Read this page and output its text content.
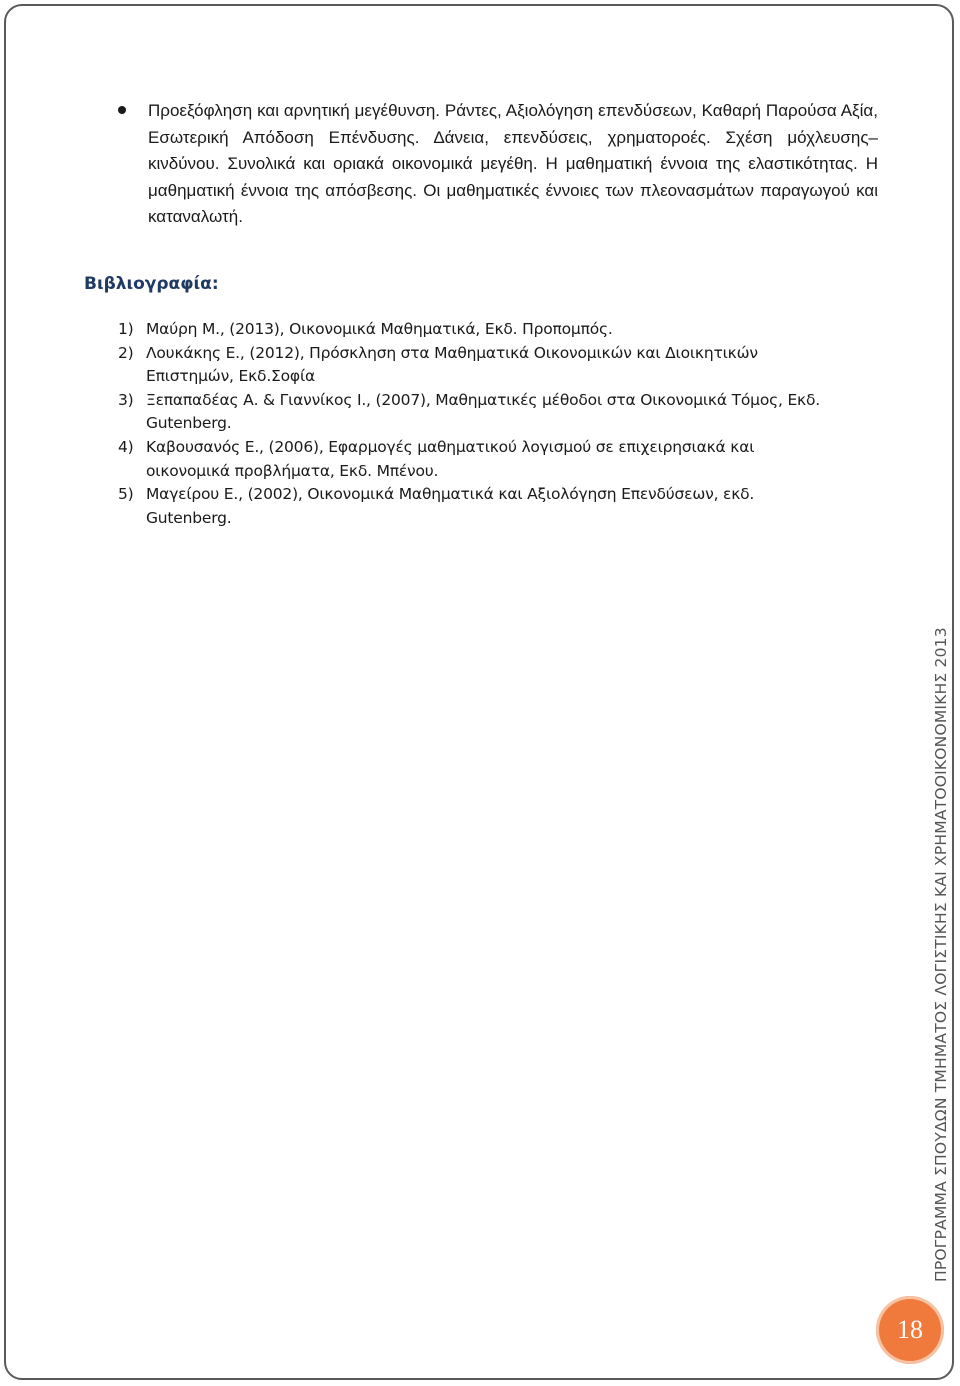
Προεξόφληση και αρνητική μεγέθυνση. Ράντες, Αξιολόγηση επενδύσεων, Καθαρή Παρούσα Αξία, Εσωτερική Απόδοση Επένδυσης. Δάνεια, επενδύσεις, χρηματοροές. Σχέση μόχλευσης– κινδύνου. Συνολικά και οριακά οικονομικά μεγέθη. Η μαθηματική έννοια της ελαστικότητας. Η μαθηματική έννοια της απόσβεσης. Οι μαθηματικές έννοιες των πλεονασμάτων παραγωγού και καταναλωτή.
Βιβλιογραφία:
1) Μαύρη Μ., (2013), Οικονομικά Μαθηματικά, Εκδ. Προπομπός.
2) Λουκάκης Ε., (2012), Πρόσκληση στα Μαθηματικά Οικονομικών και Διοικητικών Επιστημών, Εκδ.Σοφία
3) Ξεπαπαδέας Α. & Γιαννίκος Ι., (2007), Μαθηματικές μέθοδοι στα Οικονομικά Τόμος, Εκδ. Gutenberg.
4) Καβουσανός Ε., (2006), Εφαρμογές μαθηματικού λογισμού σε επιχειρησιακά και οικονομικά προβλήματα, Εκδ. Μπένου.
5) Μαγείρου Ε., (2002), Οικονομικά Μαθηματικά και Αξιολόγηση Επενδύσεων, εκδ. Gutenberg.
ΠΡΟΓΡΑΜΜΑ ΣΠΟΥΔΩΝ ΤΜΗΜΑΤΟΣ ΛΟΓΙΣΤΙΚΗΣ ΚΑΙ ΧΡΗΜΑΤΟΟΙΚΟΝΟΜΙΚΗΣ 2013
18
